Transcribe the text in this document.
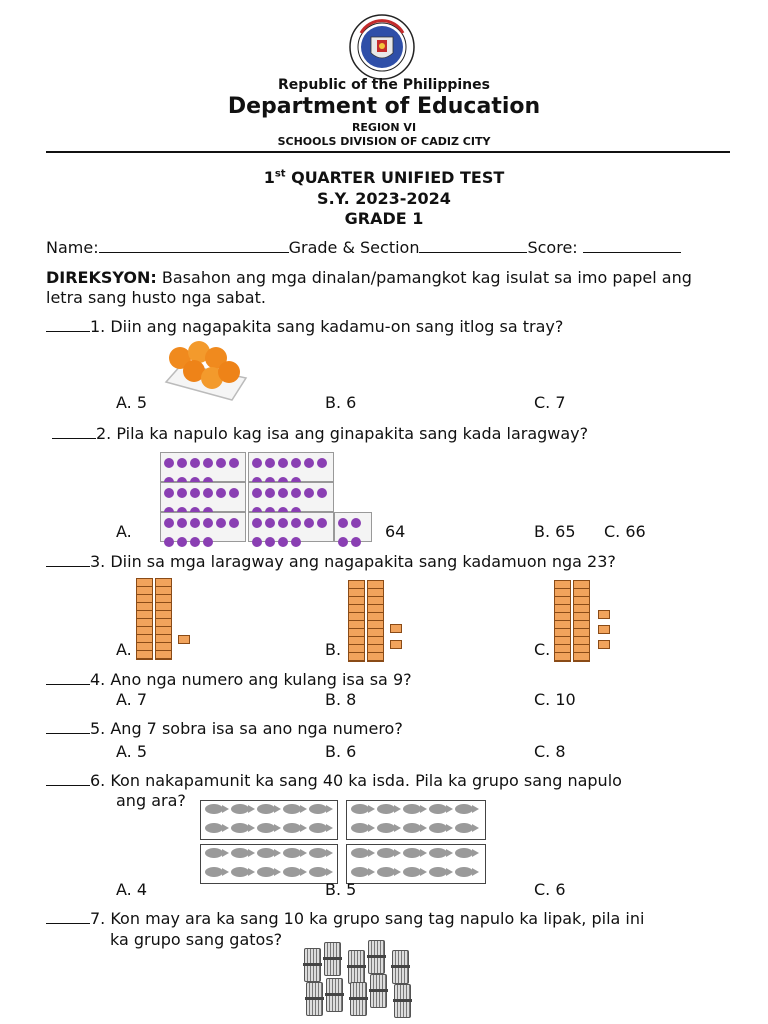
Republic of the Philippines
Department of Education
REGION VI
SCHOOLS DIVISION OF CADIZ CITY
1st QUARTER UNIFIED TEST
S.Y. 2023-2024
GRADE 1
Name:	Grade & Section	Score:
DIREKSYON: Basahon ang mga dinalan/pamangkot kag isulat sa imo papel ang letra sang husto nga sabat.
1. Diin ang nagapakita sang kadamu-on sang itlog sa tray?
A. 5	B. 6	C. 7
2. Pila ka napulo kag isa ang ginapakita sang kada laragway?
A.	64	B. 65 C. 66
3. Diin sa mga laragway ang nagapakita sang kadamuon nga 23?
A.	B.	C.
4. Ano nga numero ang kulang isa sa 9?
A. 7	B. 8	C. 10
5. Ang 7 sobra isa sa ano nga numero?
A. 5	B. 6	C. 8
6. Kon nakapamunit ka sang 40 ka isda. Pila ka grupo sang napulo
ang ara?
A. 4	B. 5	C. 6
7. Kon may ara ka sang 10 ka grupo sang tag napulo ka lipak, pila ini
ka grupo sang gatos?
